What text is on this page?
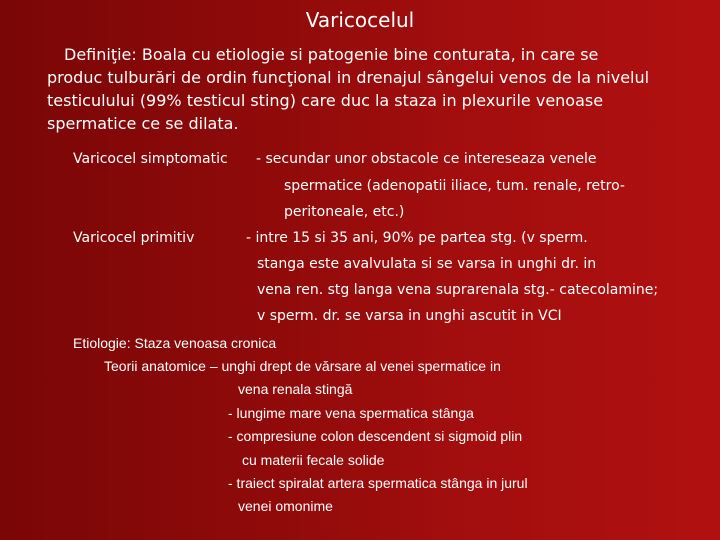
Varicocelul
Definiţie: Boala cu etiologie si patogenie bine conturata, in care se
produc tulburări de ordin funcţional in drenajul sângelui venos de la nivelul
testiculului (99% testicul sting) care duc la staza in plexurile venoase
spermatice ce se dilata.
Varicocel simptomatic - secundar unor obstacole ce intereseaza venele
spermatice (adenopatii iliace, tum. renale, retro-
peritoneale, etc.)
Varicocel primitiv	- intre 15 si 35 ani, 90% pe partea stg. (v sperm.
stanga este avalvulata si se varsa in unghi dr. in
vena ren. stg langa vena suprarenala stg.- catecolamine;
v sperm. dr. se varsa in unghi ascutit in VCI
Etiologie: Staza venoasa cronica
Teorii anatomice – unghi drept de vărsare al venei spermatice in
vena renala stingă
- lungime mare vena spermatica stânga
- compresiune colon descendent si sigmoid plin
cu materii fecale solide
- traiect spiralat artera spermatica stânga in jurul
venei omonime
